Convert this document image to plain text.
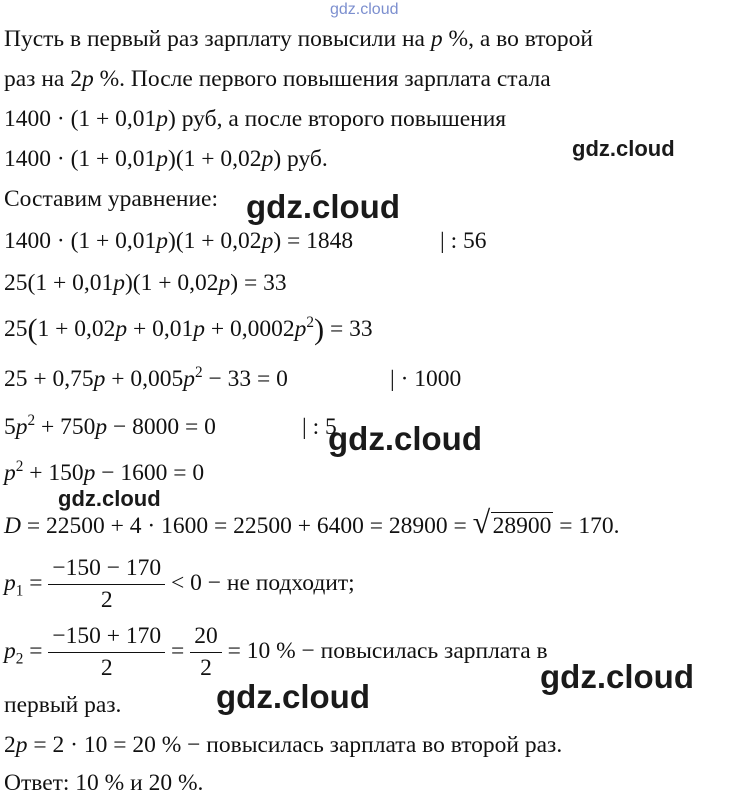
gdz.cloud
Пусть в первый раз зарплату повысили на p %, а во второй
раз на 2p %. После первого повышения зарплата стала
1400 · (1 + 0,01p) руб, а после второго повышения
gdz.cloud
1400 · (1 + 0,01p)(1 + 0,02p) руб.
Составим уравнение: gdz.cloud
1400 · (1 + 0,01p)(1 + 0,02p) = 1848	| : 56
25(1 + 0,01p)(1 + 0,02p) = 33
$25(1 + 0,02p + 0,01p + 0,0002p^2) = 33$
$25 + 0,75p + 0,005p^2 - 33 = 0$	| · 1000
$5p^2 + 750p - 8000 = 0$	| : 5
gdz.cloud
$p^2 + 150p - 1600 = 0$
gdz.cloud
D = 22500 + 4 · 1600 = 22500 + 6400 = 28900 = √ 28900 = 170.
$p_1 = \frac{-150 - 170}{2} < 0$ − не подходит;
$p_2 = \frac{-150 + 170}{2} = \frac{20}{2} = 10$ % − повысилась зарплата в
gdz.cloud
первый раз.	gdz.cloud
2p = 2 · 10 = 20 % − повысилась зарплата во второй раз.
Ответ: 10 % и 20 %.
